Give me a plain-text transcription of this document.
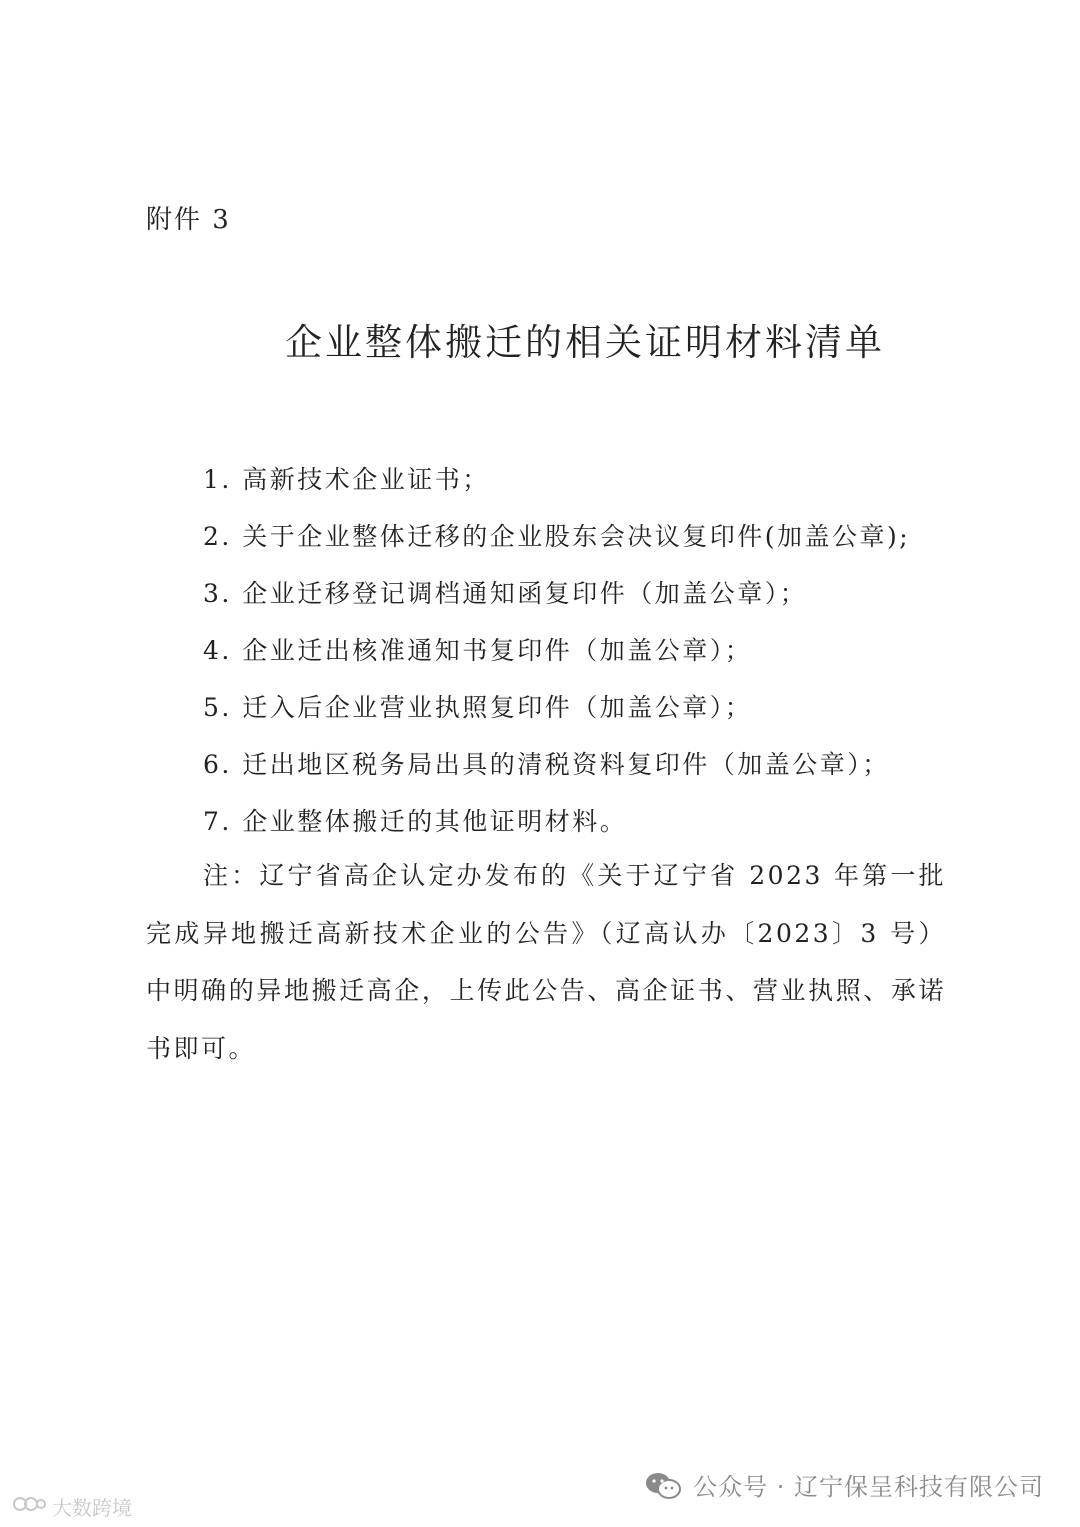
附件 3
企业整体搬迁的相关证明材料清单
1. 高新技术企业证书；
2. 关于企业整体迁移的企业股东会决议复印件(加盖公章);
3. 企业迁移登记调档通知函复印件（加盖公章）；
4. 企业迁出核准通知书复印件（加盖公章）；
5. 迁入后企业营业执照复印件（加盖公章）；
6. 迁出地区税务局出具的清税资料复印件（加盖公章）；
7. 企业整体搬迁的其他证明材料。

注：辽宁省高企认定办发布的《关于辽宁省 2023 年第一批完成异地搬迁高新技术企业的公告》（辽高认办〔2023〕3 号）中明确的异地搬迁高企，上传此公告、高企证书、营业执照、承诺书即可。

大数跨境
公众号 · 辽宁保呈科技有限公司
